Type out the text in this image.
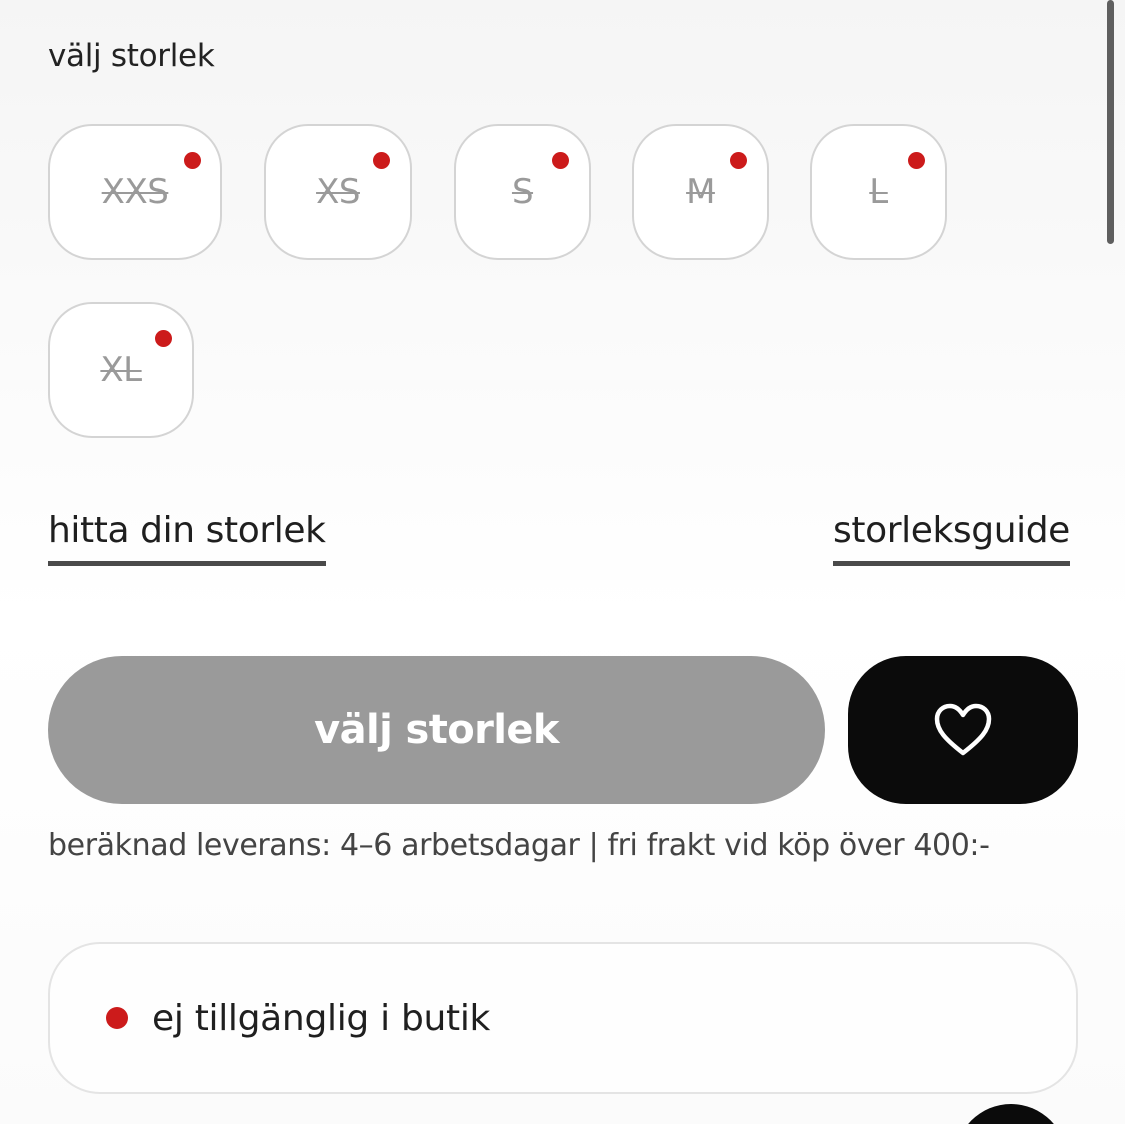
välj storlek
XXS	XS	S	M	L
XL
hitta din storlek	storleksguide
välj storlek
beräknad leverans: 4–6 arbetsdagar | fri frakt vid köp över 400:-
ej tillgänglig i butik
